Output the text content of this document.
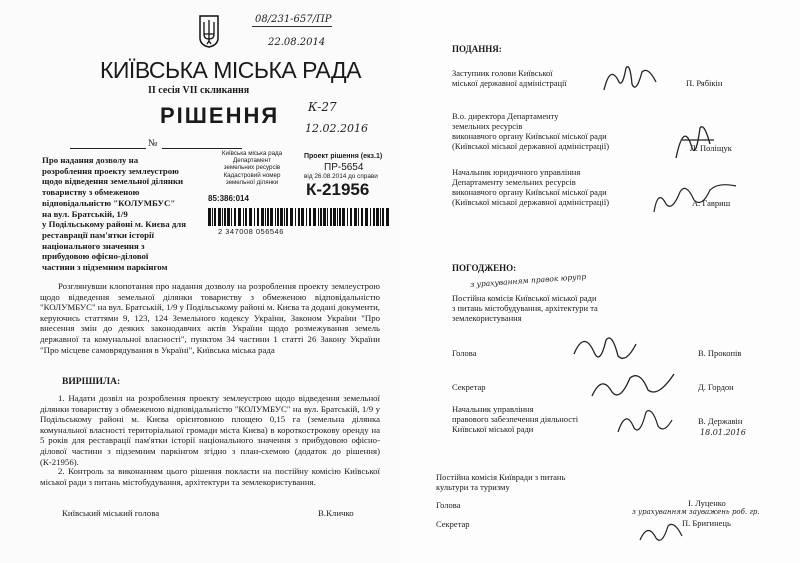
08/231-657/ПР
22.08.2014
КИЇВСЬКА МІСЬКА РАДА
ІІ сесія VІІ скликання
РІШЕННЯ К-27
12.02.2016
№
Про надання дозволу на
розроблення проекту землеустрою
щодо відведення земельної ділянки
товариству з обмеженою
відповідальністю "КОЛУМБУС"
на вул. Братській, 1/9
у Подільському районі м. Києва для
реставрації пам'ятки історії
національного значення з
прибудовою офісно-ділової
частини з підземним паркінгом
Київська міська рада
Департамент
земельних ресурсів
Кадастровий номер
земельної ділянки
85:386:014
Проект рішення (екз.1)
ПР-5654
від 26.08.2014 до справи
К-21956
2 347008 056546
Розглянувши клопотання про надання дозволу на розроблення проекту землеустрою щодо відведення земельної ділянки товариству з обмеженою відповідальністю "КОЛУМБУС" на вул. Братській, 1/9 у Подільському районі м. Києва та додані документи, керуючись статтями 9, 123, 124 Земельного кодексу України, Законом України "Про внесення змін до деяких законодавчих актів України щодо розмежування земель державної та комунальної власності", пунктом 34 частини 1 статті 26 Закону України "Про місцеве самоврядування в Україні", Київська міська рада
ВИРІШИЛА:
1. Надати дозвіл на розроблення проекту землеустрою щодо відведення земельної ділянки товариству з обмеженою відповідальністю "КОЛУМБУС" на вул. Братській, 1/9 у Подільському районі м. Києва орієнтовною площею 0,15 га (земельна ділянка комунальної власності територіальної громади міста Києва) в короткострокову оренду на 5 років для реставрації пам'ятки історії національного значення з прибудовою офісно-ділової частини з підземним паркінгом згідно з план-схемою (додаток до рішення) (К-21956).
2. Контроль за виконанням цього рішення покласти на постійну комісію Київської міської ради з питань містобудування, архітектури та землекористування.
Київський міський голова	В.Кличко
ПОДАННЯ:
Заступник голови Київської
міської державної адміністрації	П. Рябікін
В.о. директора Департаменту
земельних ресурсів
виконавчого органу Київської міської ради
(Київської міської державної адміністрації)	Л. Поліщук
Начальник юридичного управління
Департаменту земельних ресурсів
виконавчого органу Київської міської ради
(Київської міської державної адміністрації)	А. Гавриш
ПОГОДЖЕНО:
з урахуванням правок юрупр
Постійна комісія Київської міської ради
з питань містобудування, архітектури та
землекористування
Голова	В. Прокопів
Секретар	Д. Гордон
Начальник управління
правового забезпечення діяльності
Київської міської ради
В. Державін
18.01.2016
Постійна комісія Київради з питань
культури та туризму
Голова	І. Луценко
з урахуванням зауважень роб. гр.
Секретар	П. Бригинець
